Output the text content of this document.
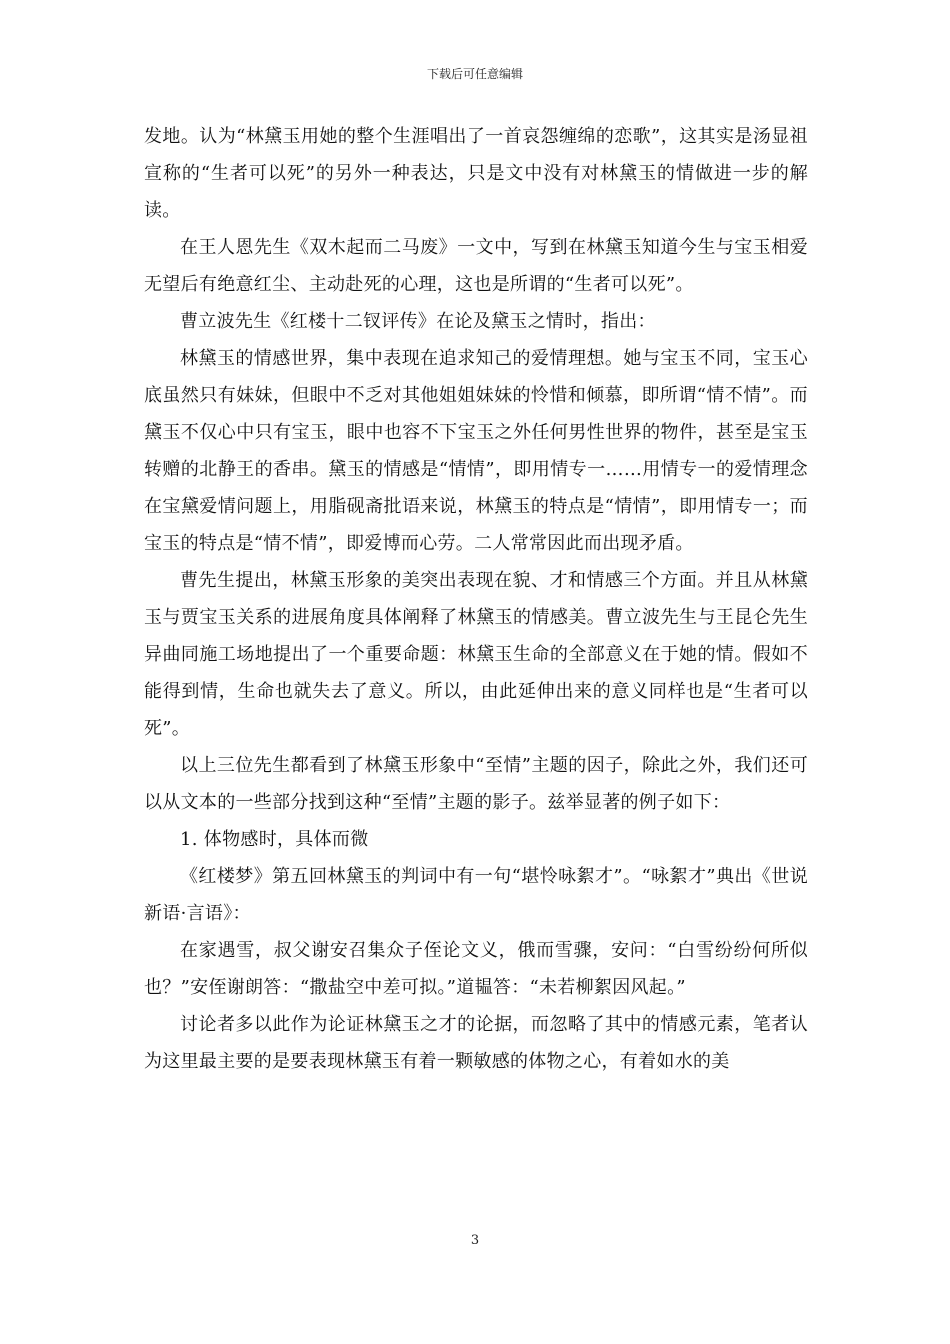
下载后可任意编辑

发地。认为“林黛玉用她的整个生涯唱出了一首哀怨缠绵的恋歌”，这其实是汤显祖宣称的“生者可以死”的另外一种表达，只是文中没有对林黛玉的情做进一步的解读。

在王人恩先生《双木起而二马废》一文中，写到在林黛玉知道今生与宝玉相爱无望后有绝意红尘、主动赴死的心理，这也是所谓的“生者可以死”。

曹立波先生《红楼十二钗评传》在论及黛玉之情时，指出：

林黛玉的情感世界，集中表现在追求知己的爱情理想。她与宝玉不同，宝玉心底虽然只有妹妹，但眼中不乏对其他姐姐妹妹的怜惜和倾慕，即所谓“情不情”。而黛玉不仅心中只有宝玉，眼中也容不下宝玉之外任何男性世界的物件，甚至是宝玉转赠的北静王的香串。黛玉的情感是“情情”，即用情专一……用情专一的爱情理念在宝黛爱情问题上，用脂砚斋批语来说，林黛玉的特点是“情情”，即用情专一；而宝玉的特点是“情不情”，即爱博而心劳。二人常常因此而出现矛盾。

曹先生提出，林黛玉形象的美突出表现在貌、才和情感三个方面。并且从林黛玉与贾宝玉关系的进展角度具体阐释了林黛玉的情感美。曹立波先生与王昆仑先生异曲同施工场地提出了一个重要命题：林黛玉生命的全部意义在于她的情。假如不能得到情，生命也就失去了意义。所以，由此延伸出来的意义同样也是“生者可以死”。

以上三位先生都看到了林黛玉形象中“至情”主题的因子，除此之外，我们还可以从文本的一些部分找到这种“至情”主题的影子。兹举显著的例子如下：

1. 体物感时，具体而微

《红楼梦》第五回林黛玉的判词中有一句“堪怜咏絮才”。“咏絮才”典出《世说新语·言语》：

在家遇雪，叔父谢安召集众子侄论文义，俄而雪骤，安问：“白雪纷纷何所似也？”安侄谢朗答：“撒盐空中差可拟。”道韫答：“未若柳絮因风起。”

讨论者多以此作为论证林黛玉之才的论据，而忽略了其中的情感元素，笔者认为这里最主要的是要表现林黛玉有着一颗敏感的体物之心，有着如水的美

3
